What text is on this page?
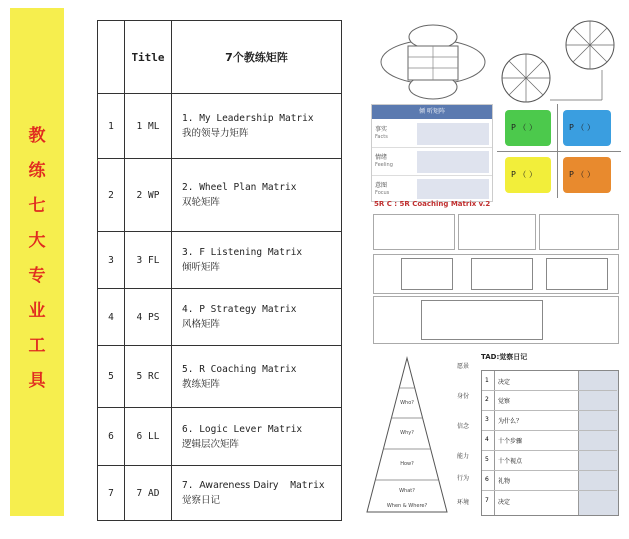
教
练
七
大
专
业
工
具
	Title	7个教练矩阵
1	1 ML	1. My Leadership Matrix
我的领导力矩阵
2	2 WP	2. Wheel Plan Matrix
双轮矩阵
3	3 FL	3. F Listening Matrix
倾听矩阵
4	4 PS	4. P Strategy Matrix
风格矩阵
5	5 RC	5. R Coaching Matrix
教练矩阵
6	6 LL	6. Logic Lever Matrix
逻辑层次矩阵
7	7 AD	7. Awareness Dairy Matrix
觉察日记
倾 听矩阵
事实
Facts
情绪
Feeling
意图
Focus
P （ ）	P （ ）
P （ ）	P （ ）
5R C : 5R Coaching Matrix v.2
Who?
Why?
How?
What?
When & Where?
愿景
身份
信念
能力
行为
环境
TAD:觉察日记
1 决定
2 觉察
3 为什么？
4 十个步骤
5 十个视点
6 礼物
7 决定
